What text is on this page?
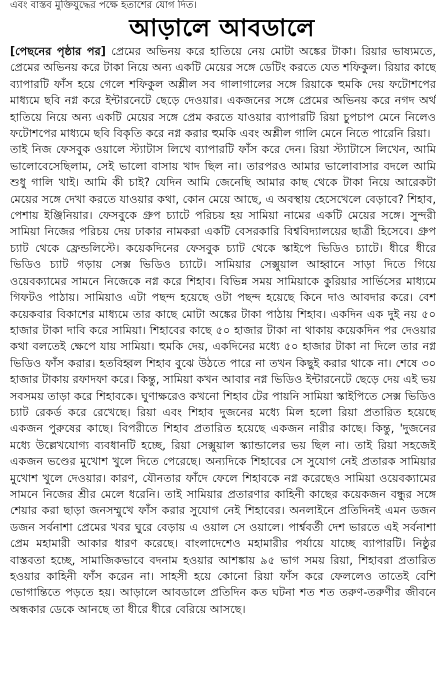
এবং বাস্তব মুক্তিযুদ্ধের পক্ষে হতাশের যোগ দিত।
আড়ালে আবডালে

[পেছনের পৃষ্ঠার পর] প্রেমের অভিনয় করে হাতিয়ে নেয় মোটা অঙ্কের টাকা। রিয়ার ভাষ্যমতে, প্রেমের অভিনয় করে টাকা নিয়ে অন্য একটি মেয়ের সঙ্গে ডেটিং করতে যেত শফিকুল। রিয়ার কাছে ব্যাপারটি ফাঁস হয়ে গেলে শফিকুল অশ্লীল সব গালাগালের সঙ্গে রিয়াকে হুমকি দেয় ফটোশপের মাধ্যমে ছবি নগ্ন করে ইন্টারনেটে ছেড়ে দেওয়ার। একজনের সঙ্গে প্রেমের অভিনয় করে নগদ অর্থ হাতিয়ে নিয়ে অন্য একটি মেয়ের সঙ্গে প্রেম করতে যাওয়ার ব্যাপারটি রিয়া চুপচাপ মেনে নিলেও ফটোশপের মাধ্যমে ছবি বিকৃতি করে নগ্ন করার হুমকি এবং অশ্লীল গালি মেনে নিতে পারেনি রিয়া।

তাই নিজ ফেসবুক ওয়ালে স্ট্যাটাস লিখে ব্যাপারটি ফাঁস করে দেন। রিয়া স্ট্যাটাসে লিখেন, আমি ভালোবেসেছিলাম, সেই ভালো বাসায় খাদ ছিল না। তারপরও আমার ভালোবাসার বদলে আমি শুধু গালি খাই। আমি কী চাই? যেদিন আমি জেনেছি আমার কাছ থেকে টাকা নিয়ে আরেকটা মেয়ের সঙ্গে দেখা করতে যাওয়ার কথা, কোন মেয়ে আছে, এ অবস্থায় হেসেখেলে বেড়াবে? শিহাব, পেশায় ইঞ্জিনিয়ার। ফেসবুকে গ্রুপ চ্যাটে পরিচয় হয় সামিয়া নামের একটি মেয়ের সঙ্গে। সুন্দরী সামিয়া নিজের পরিচয় দেয় ঢাকার নামকরা একটি বেসরকারি বিশ্ববিদ্যালয়ের ছাত্রী হিসেবে। গ্রুপ চ্যাট থেকে ফ্রেন্ডলিস্টে। কয়েকদিনের ফেসবুক চ্যাট থেকে স্কাইপে ভিডিও চ্যাটে। ধীরে ধীরে ভিডিও চ্যাট গড়ায় সেক্স ভিডিও চ্যাটে। সামিয়ার সেক্সুয়াল আহ্বানে সাড়া দিতে গিয়ে ওয়েবক্যামের সামনে নিজেকে নগ্ন করে শিহাব। বিভিন্ন সময় সামিয়াকে কুরিয়ার সার্ভিসের মাধ্যমে গিফটও পাঠায়। সামিয়াও এটা পছন্দ হয়েছে ওটা পছন্দ হয়েছে কিনে দাও আবদার করে। বেশ কয়েকবার বিকাশের মাধ্যমে তার কাছে মোটা অঙ্কের টাকা পাঠায় শিহাব। একদিন এক দুই নয় ৫০ হাজার টাকা দাবি করে সামিয়া। শিহাবের কাছে ৫০ হাজার টাকা না থাকায় কয়েকদিন পর দেওয়ার কথা বলতেই ক্ষেপে যায় সামিয়া। হুমকি দেয়, একদিনের মধ্যে ৫০ হাজার টাকা না দিলে তার নগ্ন ভিডিও ফাঁস করার। হতবিহ্বল শিহাব বুঝে উঠতে পারে না তখন কিছুই করার থাকে না। শেষে ৩০ হাজার টাকায় রফাদফা করে। কিন্তু, সামিয়া কখন আবার নগ্ন ভিডিও ইন্টারনেটে ছেড়ে দেয় এই ভয় সবসময় তাড়া করে শিহাবকে। ঘুণাক্ষরেও কখনো শিহাব টের পায়নি সামিয়া স্কাইপিতে সেক্স ভিডিও চ্যাট রেকর্ড করে রেখেছে। রিয়া এবং শিহাব দুজনের মধ্যে মিল হলো রিয়া প্রতারিত হয়েছে একজন পুরুষের কাছে। বিপরীতে শিহাব প্রতারিত হয়েছে একজন নারীর কাছে। কিন্তু, 'দুজনের মধ্যে উল্লেখযোগ্য ব্যবধানটি হচ্ছে, রিয়া সেক্সুয়াল স্ক্যান্ডালের ভয় ছিল না। তাই রিয়া সহজেই একজন ভণ্ডের মুখোশ খুলে দিতে পেরেছে। অন্যদিকে শিহাবের সে সুযোগ নেই প্রতারক সামিয়ার মুখোশ খুলে দেওয়ার। কারণ, যৌনতার ফাঁদে ফেলে শিহাবকে নগ্ন করেছেও সামিয়া ওয়েবক্যামের সামনে নিজের শ্রীর মেলে ধরেনি। তাই সামিয়ার প্রতারণার কাহিনী কাছের কয়েকজন বন্ধুর সঙ্গে শেয়ার করা ছাড়া জনসম্মুখে ফাঁস করার সুযোগ নেই শিহাবের। অনলাইনে প্রতিদিনই এমন ডজন ডজন সর্বনাশা প্রেমের খবর ঘুরে বেড়ায় এ ওয়াল সে ওয়ালে। পার্শ্ববর্তী দেশ ভারতে এই সর্বনাশা প্রেম মহামারী আকার ধারণ করেছে। বাংলাদেশেও মহামারীর পর্যায়ে যাচ্ছে ব্যাপারটি। নিষ্ঠুর বাস্তবতা হচ্ছে, সামাজিকভাবে বদনাম হওয়ার আশঙ্কায় ৯৫ ভাগ সময় রিয়া, শিহাবরা প্রতারিত হওয়ার কাহিনী ফাঁস করেন না। সাহসী হয়ে কোনো রিয়া ফাঁস করে ফেললেও তাতেই বেশি ভোগান্তিতে পড়তে হয়। আড়ালে আবডালে প্রতিদিন কত ঘটনা শত শত তরুণ-তরুণীর জীবনে অন্ধকার ডেকে আনছে তা ধীরে ধীরে বেরিয়ে আসছে।
